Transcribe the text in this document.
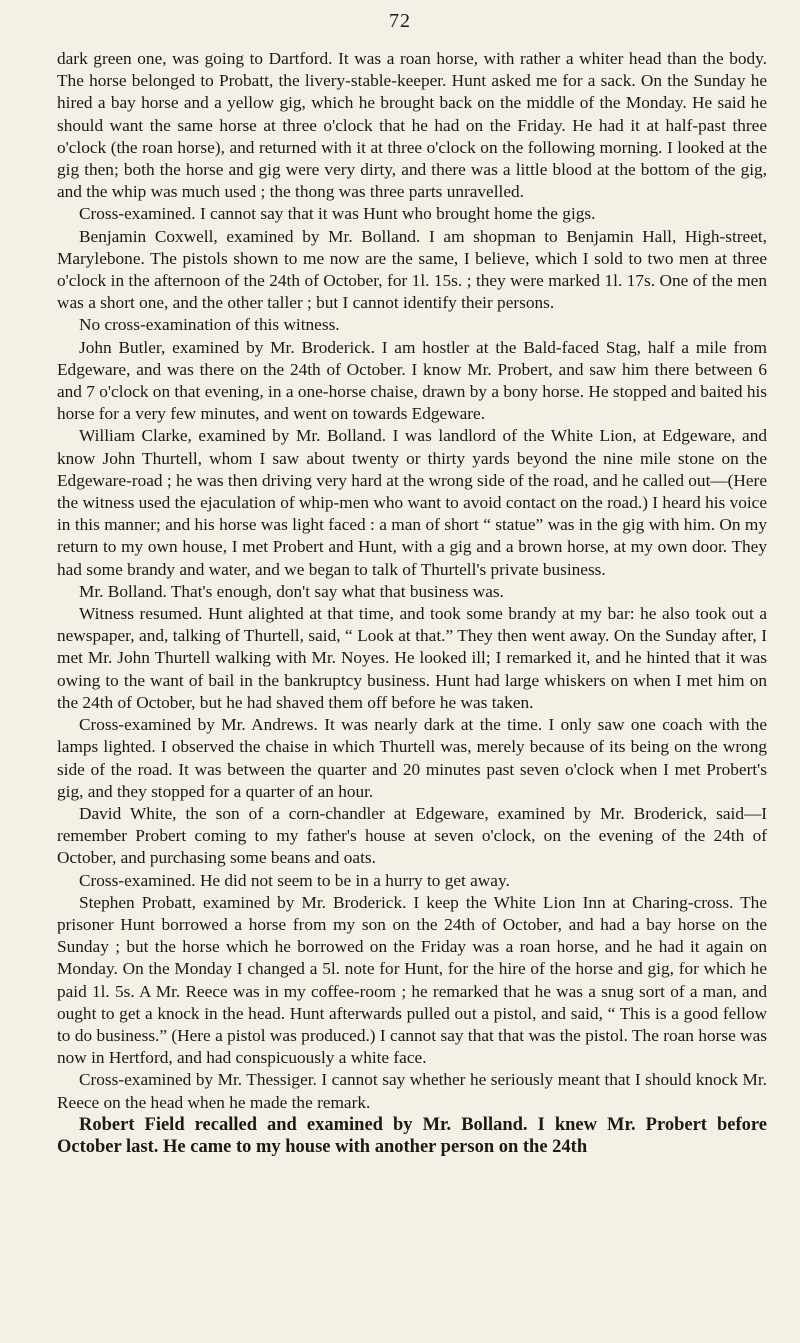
72

dark green one, was going to Dartford. It was a roan horse, with rather a whiter head than the body. The horse belonged to Probatt, the livery-stable-keeper. Hunt asked me for a sack. On the Sunday he hired a bay horse and a yellow gig, which he brought back on the middle of the Monday. He said he should want the same horse at three o'clock that he had on the Friday. He had it at half-past three o'clock (the roan horse), and returned with it at three o'clock on the following morning. I looked at the gig then; both the horse and gig were very dirty, and there was a little blood at the bottom of the gig, and the whip was much used ; the thong was three parts unravelled.

Cross-examined. I cannot say that it was Hunt who brought home the gigs.

Benjamin Coxwell, examined by Mr. Bolland. I am shopman to Benjamin Hall, High-street, Marylebone. The pistols shown to me now are the same, I believe, which I sold to two men at three o'clock in the afternoon of the 24th of October, for 1l. 15s. ; they were marked 1l. 17s. One of the men was a short one, and the other taller ; but I cannot identify their persons.

No cross-examination of this witness.

John Butler, examined by Mr. Broderick. I am hostler at the Bald-faced Stag, half a mile from Edgeware, and was there on the 24th of October. I know Mr. Probert, and saw him there between 6 and 7 o'clock on that evening, in a one-horse chaise, drawn by a bony horse. He stopped and baited his horse for a very few minutes, and went on towards Edgeware.

William Clarke, examined by Mr. Bolland. I was landlord of the White Lion, at Edgeware, and know John Thurtell, whom I saw about twenty or thirty yards beyond the nine mile stone on the Edgeware-road ; he was then driving very hard at the wrong side of the road, and he called out—(Here the witness used the ejaculation of whip-men who want to avoid contact on the road.) I heard his voice in this manner; and his horse was light faced : a man of short “ statue” was in the gig with him. On my return to my own house, I met Probert and Hunt, with a gig and a brown horse, at my own door. They had some brandy and water, and we began to talk of Thurtell's private business.

Mr. Bolland. That's enough, don't say what that business was.

Witness resumed. Hunt alighted at that time, and took some brandy at my bar: he also took out a newspaper, and, talking of Thurtell, said, “ Look at that.” They then went away. On the Sunday after, I met Mr. John Thurtell walking with Mr. Noyes. He looked ill; I remarked it, and he hinted that it was owing to the want of bail in the bankruptcy business. Hunt had large whiskers on when I met him on the 24th of October, but he had shaved them off before he was taken.

Cross-examined by Mr. Andrews. It was nearly dark at the time. I only saw one coach with the lamps lighted. I observed the chaise in which Thurtell was, merely because of its being on the wrong side of the road. It was between the quarter and 20 minutes past seven o'clock when I met Probert's gig, and they stopped for a quarter of an hour.

David White, the son of a corn-chandler at Edgeware, examined by Mr. Broderick, said—I remember Probert coming to my father's house at seven o'clock, on the evening of the 24th of October, and purchasing some beans and oats.

Cross-examined. He did not seem to be in a hurry to get away.

Stephen Probatt, examined by Mr. Broderick. I keep the White Lion Inn at Charing-cross. The prisoner Hunt borrowed a horse from my son on the 24th of October, and had a bay horse on the Sunday ; but the horse which he borrowed on the Friday was a roan horse, and he had it again on Monday. On the Monday I changed a 5l. note for Hunt, for the hire of the horse and gig, for which he paid 1l. 5s. A Mr. Reece was in my coffee-room ; he remarked that he was a snug sort of a man, and ought to get a knock in the head. Hunt afterwards pulled out a pistol, and said, “ This is a good fellow to do business.” (Here a pistol was produced.) I cannot say that that was the pistol. The roan horse was now in Hertford, and had conspicuously a white face.

Cross-examined by Mr. Thessiger. I cannot say whether he seriously meant that I should knock Mr. Reece on the head when he made the remark.

Robert Field recalled and examined by Mr. Bolland. I knew Mr. Probert before October last. He came to my house with another person on the 24th
